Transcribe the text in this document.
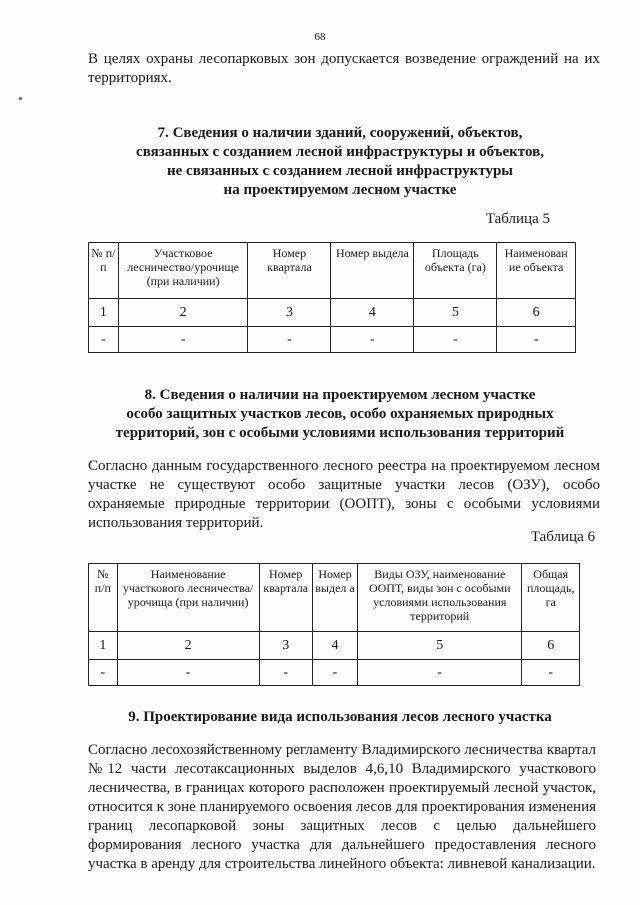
68

В целях охраны лесопарковых зон допускается возведение ограждений на их территориях.

7. Сведения о наличии зданий, сооружений, объектов,
связанных с созданием лесной инфраструктуры и объектов,
не связанных с созданием лесной инфраструктуры
на проектируемом лесном участке
Таблица 5
№ п/п	Участковое лесничество/урочище (при наличии)	Номер квартала	Номер выдела	Площадь объекта (га)	Наименован ие объекта
1	2	3	4	5	6
-	-	-	-	-	-
8. Сведения о наличии на проектируемом лесном участке
особо защитных участков лесов, особо охраняемых природных
территорий, зон с особыми условиями использования территорий

Согласно данным государственного лесного реестра на проектируемом лесном участке не существуют особо защитные участки лесов (ОЗУ), особо охраняемые природные территории (ООПТ), зоны с особыми условиями использования территорий.

Таблица 6
№ п/п	Наименование участкового лесничества/урочища (при наличии)	Номер квартала	Номер выдел а	Виды ОЗУ, наименование ООПТ, виды зон с особыми условиями использования территорий	Общая площадь, га
1	2	3	4	5	6
-	-	-	-	-	-
9. Проектирование вида использования лесов лесного участка

Согласно лесохозяйственному регламенту Владимирского лесничества квартал №12 части лесотаксационных выделов 4,6,10 Владимирского участкового лесничества, в границах которого расположен проектируемый лесной участок, относится к зоне планируемого освоения лесов для проектирования изменения границ лесопарковой зоны защитных лесов с целью дальнейшего формирования лесного участка для дальнейшего предоставления лесного участка в аренду для строительства линейного объекта: ливневой канализации.
